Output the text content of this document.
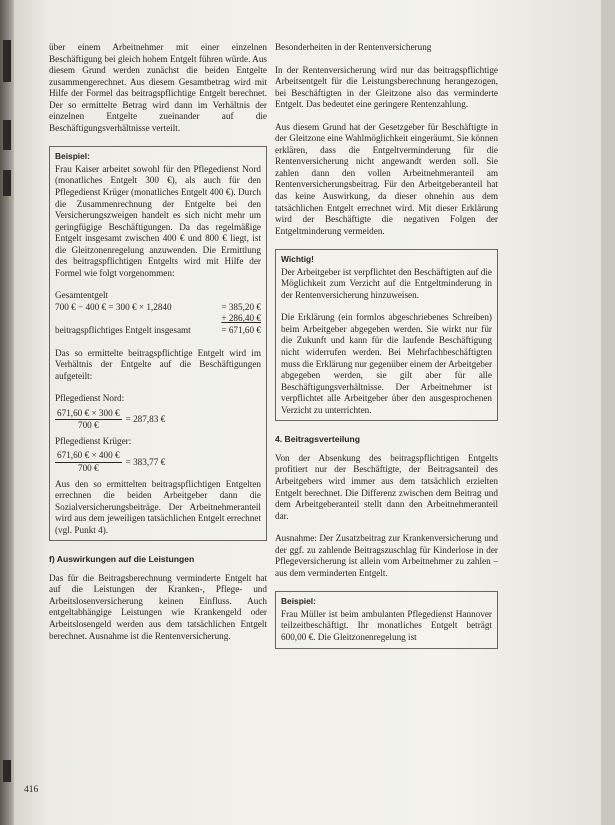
über einem Arbeitnehmer mit einer einzelnen Beschäftigung bei gleich hohem Entgelt führen würde. Aus diesem Grund werden zunächst die beiden Entgelte zusammengerechnet. Aus diesem Gesamtbetrag wird mit Hilfe der Formel das beitragspflichtige Entgelt berechnet. Der so ermittelte Betrag wird dann im Verhältnis der einzelnen Entgelte zueinander auf die Beschäftigungsverhältnisse verteilt.

Beispiel:

Frau Kaiser arbeitet sowohl für den Pflegedienst Nord (monatliches Entgelt 300 €), als auch für den Pflegedienst Krüger (monatliches Entgelt 400 €). Durch die Zusammenrechnung der Entgelte bei den Versicherungszweigen handelt es sich nicht mehr um geringfügige Beschäftigungen. Da das regelmäßige Entgelt insgesamt zwischen 400 € und 800 € liegt, ist die Gleitzonenregelung anzuwenden. Die Ermittlung des beitragspflichtigen Entgelts wird mit Hilfe der Formel wie folgt vorgenommen:

Gesamtentgelt
700 € − 400 € = 300 € × 1,2840	= 385,20 €
+ 286,40 €
beitragspflichtiges Entgelt insgesamt	= 671,60 €

Das so ermittelte beitragspflichtige Entgelt wird im Verhältnis der Entgelte auf die Beschäftigungen aufgeteilt:

Pflegedienst Nord:
$\frac{671,60 € \times 300 €}{700 €} = 287,83$ €
Pflegedienst Krüger:
$\frac{671,60 € \times 400 €}{700 €} = 383,77$ €

Aus den so ermittelten beitragspflichtigen Entgelten errechnen die beiden Arbeitgeber dann die Sozialversicherungsbeiträge. Der Arbeitnehmeranteil wird aus dem jeweiligen tatsächlichen Entgelt errechnet (vgl. Punkt 4).

f) Auswirkungen auf die Leistungen

Das für die Beitragsberechnung verminderte Entgelt hat auf die Leistungen der Kranken-, Pflege- und Arbeitslosenversicherung keinen Einfluss. Auch entgeltabhängige Leistungen wie Krankengeld oder Arbeitslosengeld werden aus dem tatsächlichen Entgelt berechnet. Ausnahme ist die Rentenversicherung.

Besonderheiten in der Rentenversicherung

In der Rentenversicherung wird nur das beitragspflichtige Arbeitsentgelt für die Leistungsberechnung herangezogen, bei Beschäftigten in der Gleitzone also das verminderte Entgelt. Das bedeutet eine geringere Rentenzahlung.

Aus diesem Grund hat der Gesetzgeber für Beschäftigte in der Gleitzone eine Wahlmöglichkeit eingeräumt. Sie können erklären, dass die Entgeltverminderung für die Rentenversicherung nicht angewandt werden soll. Sie zahlen dann den vollen Arbeitnehmeranteil am Rentenversicherungsbeitrag. Für den Arbeitgeberanteil hat das keine Auswirkung, da dieser ohnehin aus dem tatsächlichen Entgelt errechnet wird. Mit dieser Erklärung wird der Beschäftigte die negativen Folgen der Entgeltminderung vermeiden.

Wichtig!

Der Arbeitgeber ist verpflichtet den Beschäftigten auf die Möglichkeit zum Verzicht auf die Entgeltminderung in der Rentenversicherung hinzuweisen.

Die Erklärung (ein formlos abgeschriebenes Schreiben) beim Arbeitgeber abgegeben werden. Sie wirkt nur für die Zukunft und kann für die laufende Beschäftigung nicht widerrufen werden. Bei Mehrfachbeschäftigten muss die Erklärung nur gegenüber einem der Arbeitgeber abgegeben werden, sie gilt aber für alle Beschäftigungsverhältnisse. Der Arbeitnehmer ist verpflichtet alle Arbeitgeber über den ausgesprochenen Verzicht zu unterrichten.

4. Beitragsverteilung

Von der Absenkung des beitragspflichtigen Entgelts profitiert nur der Beschäftigte, der Beitragsanteil des Arbeitgebers wird immer aus dem tatsächlich erzielten Entgelt berechnet. Die Differenz zwischen dem Beitrag und dem Arbeitgeberanteil stellt dann den Arbeitnehmeranteil dar.

Ausnahme: Der Zusatzbeitrag zur Krankenversicherung und der ggf. zu zahlende Beitragszuschlag für Kinderlose in der Pflegeversicherung ist allein vom Arbeitnehmer zu zahlen – aus dem verminderten Entgelt.

Beispiel:

Frau Müller ist beim ambulanten Pflegedienst Hannover teilzeitbeschäftigt. Ihr monatliches Entgelt beträgt 600,00 €. Die Gleitzonenregelung ist

416
